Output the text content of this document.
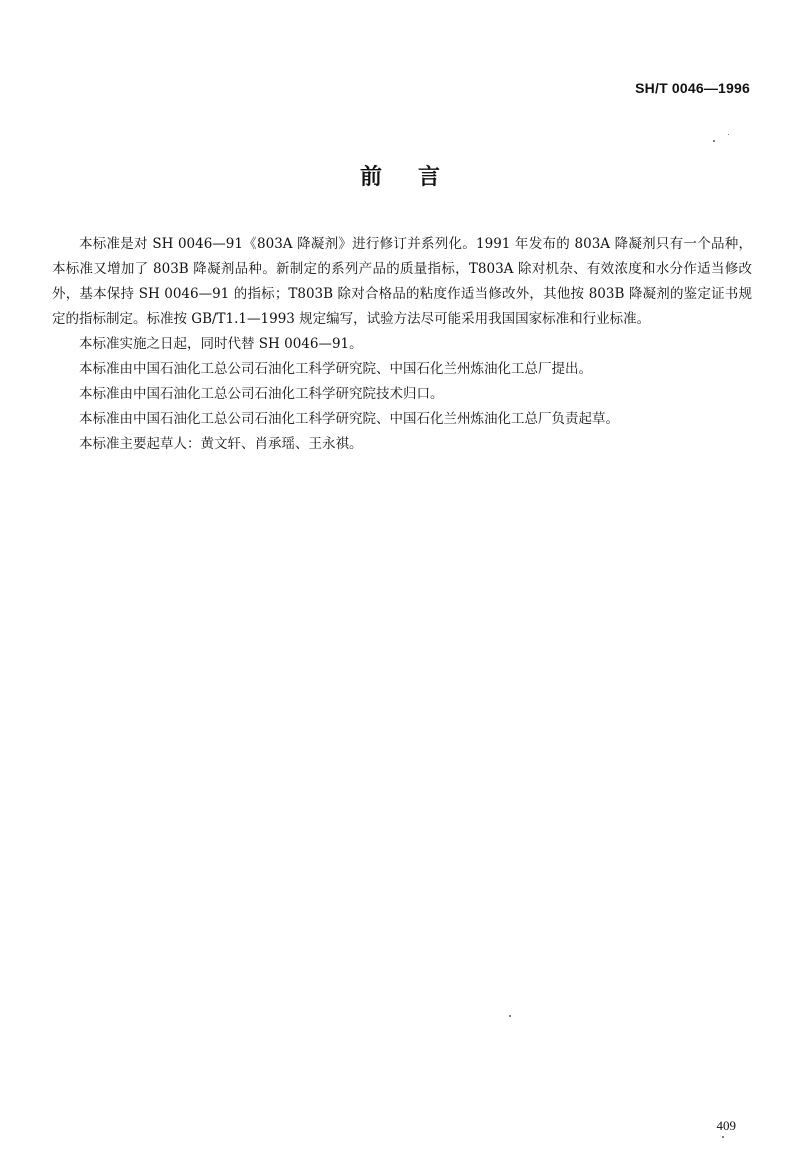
SH/T 0046—1996
前 言

本标准是对 SH 0046—91《803A 降凝剂》进行修订并系列化。1991 年发布的 803A 降凝剂只有一个品种，本标准又增加了 803B 降凝剂品种。新制定的系列产品的质量指标，T803A 除对机杂、有效浓度和水分作适当修改外，基本保持 SH 0046—91 的指标；T803B 除对合格品的粘度作适当修改外，其他按 803B 降凝剂的鉴定证书规定的指标制定。标准按 GB/T1.1—1993 规定编写，试验方法尽可能采用我国国家标准和行业标准。

本标准实施之日起，同时代替 SH 0046—91。

本标准由中国石油化工总公司石油化工科学研究院、中国石化兰州炼油化工总厂提出。

本标准由中国石油化工总公司石油化工科学研究院技术归口。

本标准由中国石油化工总公司石油化工科学研究院、中国石化兰州炼油化工总厂负责起草。

本标准主要起草人：黄文轩、肖承瑶、王永祺。

409
